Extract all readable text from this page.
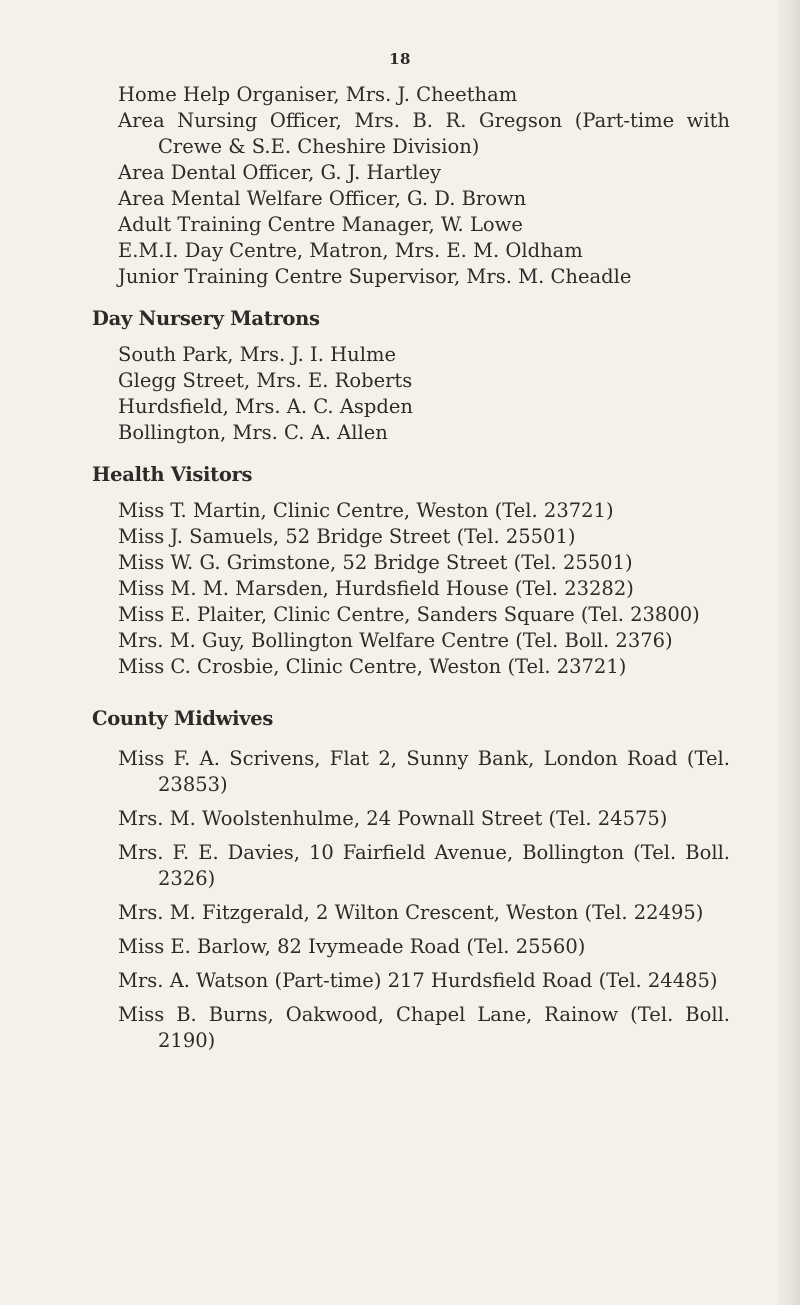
18

Home Help Organiser, Mrs. J. Cheetham

Area Nursing Officer, Mrs. B. R. Gregson (Part-time with Crewe & S.E. Cheshire Division)

Area Dental Officer, G. J. Hartley

Area Mental Welfare Officer, G. D. Brown

Adult Training Centre Manager, W. Lowe

E.M.I. Day Centre, Matron, Mrs. E. M. Oldham

Junior Training Centre Supervisor, Mrs. M. Cheadle

Day Nursery Matrons

South Park, Mrs. J. I. Hulme

Glegg Street, Mrs. E. Roberts

Hurdsfield, Mrs. A. C. Aspden

Bollington, Mrs. C. A. Allen

Health Visitors

Miss T. Martin, Clinic Centre, Weston (Tel. 23721)

Miss J. Samuels, 52 Bridge Street (Tel. 25501)

Miss W. G. Grimstone, 52 Bridge Street (Tel. 25501)

Miss M. M. Marsden, Hurdsfield House (Tel. 23282)

Miss E. Plaiter, Clinic Centre, Sanders Square (Tel. 23800)

Mrs. M. Guy, Bollington Welfare Centre (Tel. Boll. 2376)

Miss C. Crosbie, Clinic Centre, Weston (Tel. 23721)

County Midwives

Miss F. A. Scrivens, Flat 2, Sunny Bank, London Road (Tel. 23853)

Mrs. M. Woolstenhulme, 24 Pownall Street (Tel. 24575)

Mrs. F. E. Davies, 10 Fairfield Avenue, Bollington (Tel. Boll. 2326)

Mrs. M. Fitzgerald, 2 Wilton Crescent, Weston (Tel. 22495)

Miss E. Barlow, 82 Ivymeade Road (Tel. 25560)

Mrs. A. Watson (Part-time) 217 Hurdsfield Road (Tel. 24485)

Miss B. Burns, Oakwood, Chapel Lane, Rainow (Tel. Boll. 2190)
